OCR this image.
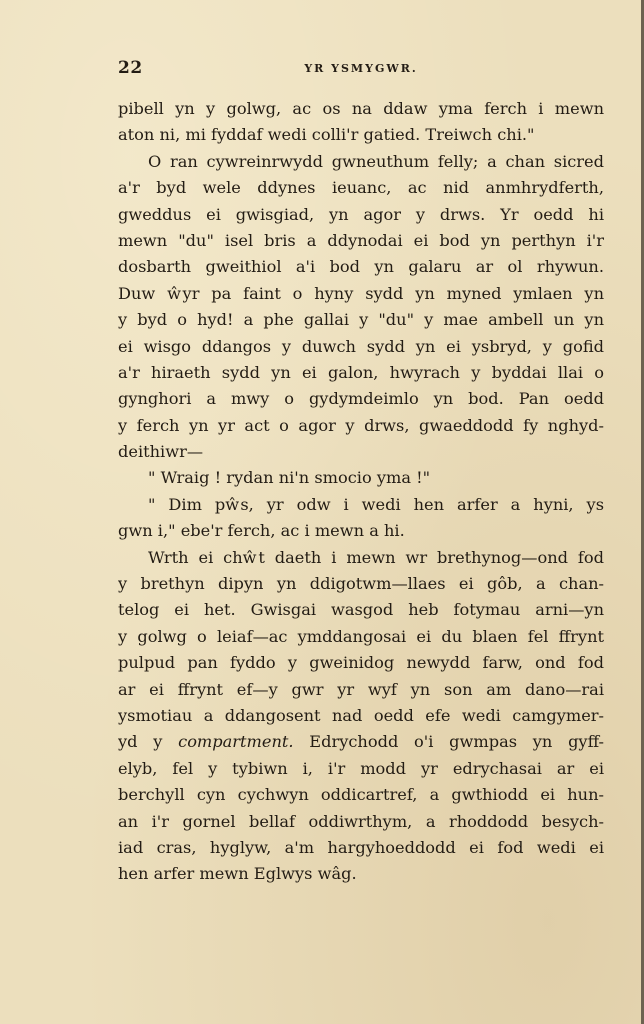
22	YR YSMYGWR.
pibell yn y golwg, ac os na ddaw yma ferch i mewn
aton ni, mi fyddaf wedi colli'r gatied. Treiwch chi."
O ran cywreinrwydd gwneuthum felly; a chan sicred
a'r byd wele ddynes ieuanc, ac nid anmhrydferth,
gweddus ei gwisgiad, yn agor y drws. Yr oedd hi
mewn "du" isel bris a ddynodai ei bod yn perthyn i'r
dosbarth gweithiol a'i bod yn galaru ar ol rhywun.
Duw ŵyr pa faint o hyny sydd yn myned ymlaen yn
y byd o hyd! a phe gallai y "du" y mae ambell un yn
ei wisgo ddangos y duwch sydd yn ei ysbryd, y gofid
a'r hiraeth sydd yn ei galon, hwyrach y byddai llai o
gynghori a mwy o gydymdeimlo yn bod. Pan oedd
y ferch yn yr act o agor y drws, gwaeddodd fy nghyd-
deithiwr—
" Wraig ! rydan ni'n smocio yma !"
" Dim pŵs, yr odw i wedi hen arfer a hyni, ys
gwn i," ebe'r ferch, ac i mewn a hi.
Wrth ei chŵt daeth i mewn wr brethynog—ond fod
y brethyn dipyn yn ddigotwm—llaes ei gôb, a chan-
telog ei het. Gwisgai wasgod heb fotymau arni—yn
y golwg o leiaf—ac ymddangosai ei du blaen fel ffrynt
pulpud pan fyddo y gweinidog newydd farw, ond fod
ar ei ffrynt ef—y gwr yr wyf yn son am dano—rai
ysmotiau a ddangosent nad oedd efe wedi camgymer-
yd y compartment. Edrychodd o'i gwmpas yn gyff-
elyb, fel y tybiwn i, i'r modd yr edrychasai ar ei
berchyll cyn cychwyn oddicartref, a gwthiodd ei hun-
an i'r gornel bellaf oddiwrthym, a rhoddodd besych-
iad cras, hyglyw, a'm hargyhoeddodd ei fod wedi ei
hen arfer mewn Eglwys wâg.
